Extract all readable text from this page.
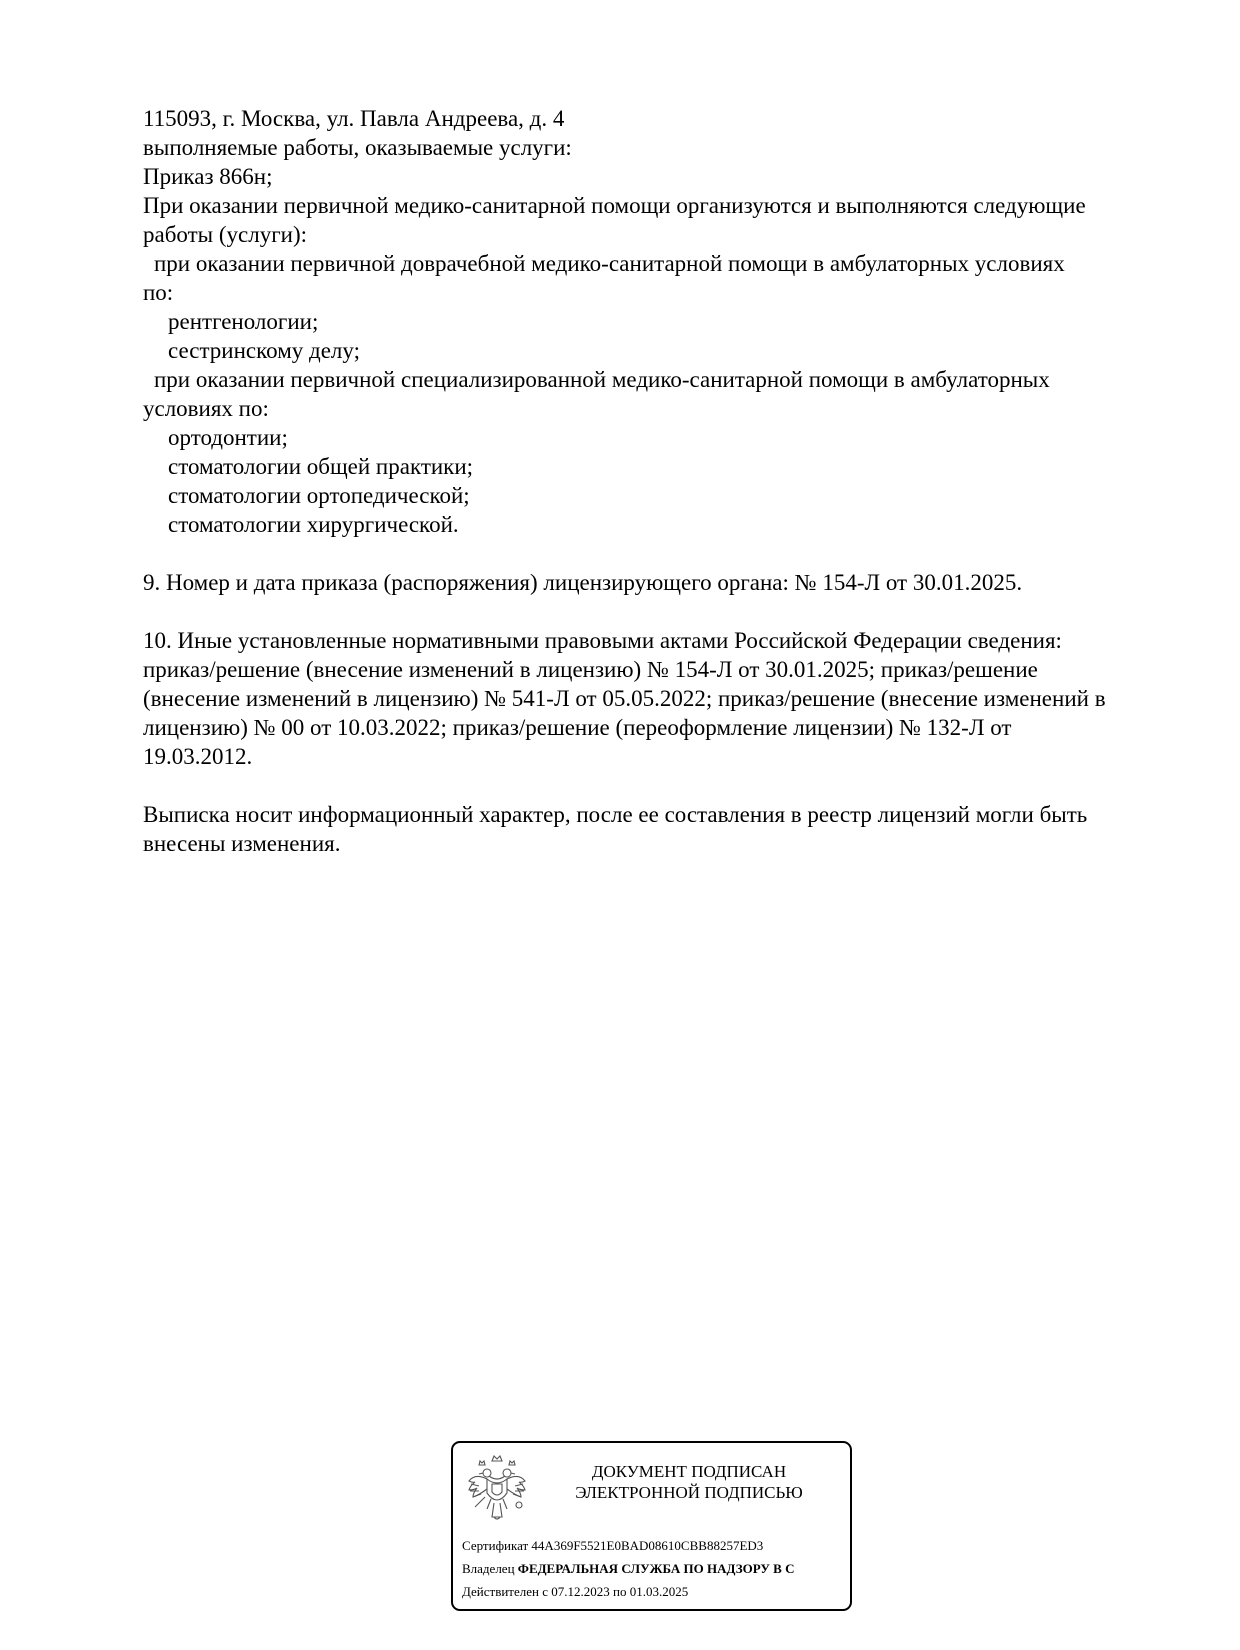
115093, г. Москва, ул. Павла Андреева, д. 4
выполняемые работы, оказываемые услуги:
Приказ 866н;
При оказании первичной медико-санитарной помощи организуются и выполняются следующие
работы (услуги):
при оказании первичной доврачебной медико-санитарной помощи в амбулаторных условиях
по:
рентгенологии;
сестринскому делу;
при оказании первичной специализированной медико-санитарной помощи в амбулаторных
условиях по:
ортодонтии;
стоматологии общей практики;
стоматологии ортопедической;
стоматологии хирургической.
9. Номер и дата приказа (распоряжения) лицензирующего органа: № 154-Л от 30.01.2025.
10. Иные установленные нормативными правовыми актами Российской Федерации сведения:
приказ/решение (внесение изменений в лицензию) № 154-Л от 30.01.2025; приказ/решение
(внесение изменений в лицензию) № 541-Л от 05.05.2022; приказ/решение (внесение изменений в
лицензию) № 00 от 10.03.2022; приказ/решение (переоформление лицензии) № 132-Л от
19.03.2012.
Выписка носит информационный характер, после ее составления в реестр лицензий могли быть
внесены изменения.
ДОКУМЕНТ ПОДПИСАН
ЭЛЕКТРОННОЙ ПОДПИСЬЮ
Сертификат 44A369F5521E0BAD08610CBB88257ED3
Владелец ФЕДЕРАЛЬНАЯ СЛУЖБА ПО НАДЗОРУ В С
Действителен с 07.12.2023 по 01.03.2025
